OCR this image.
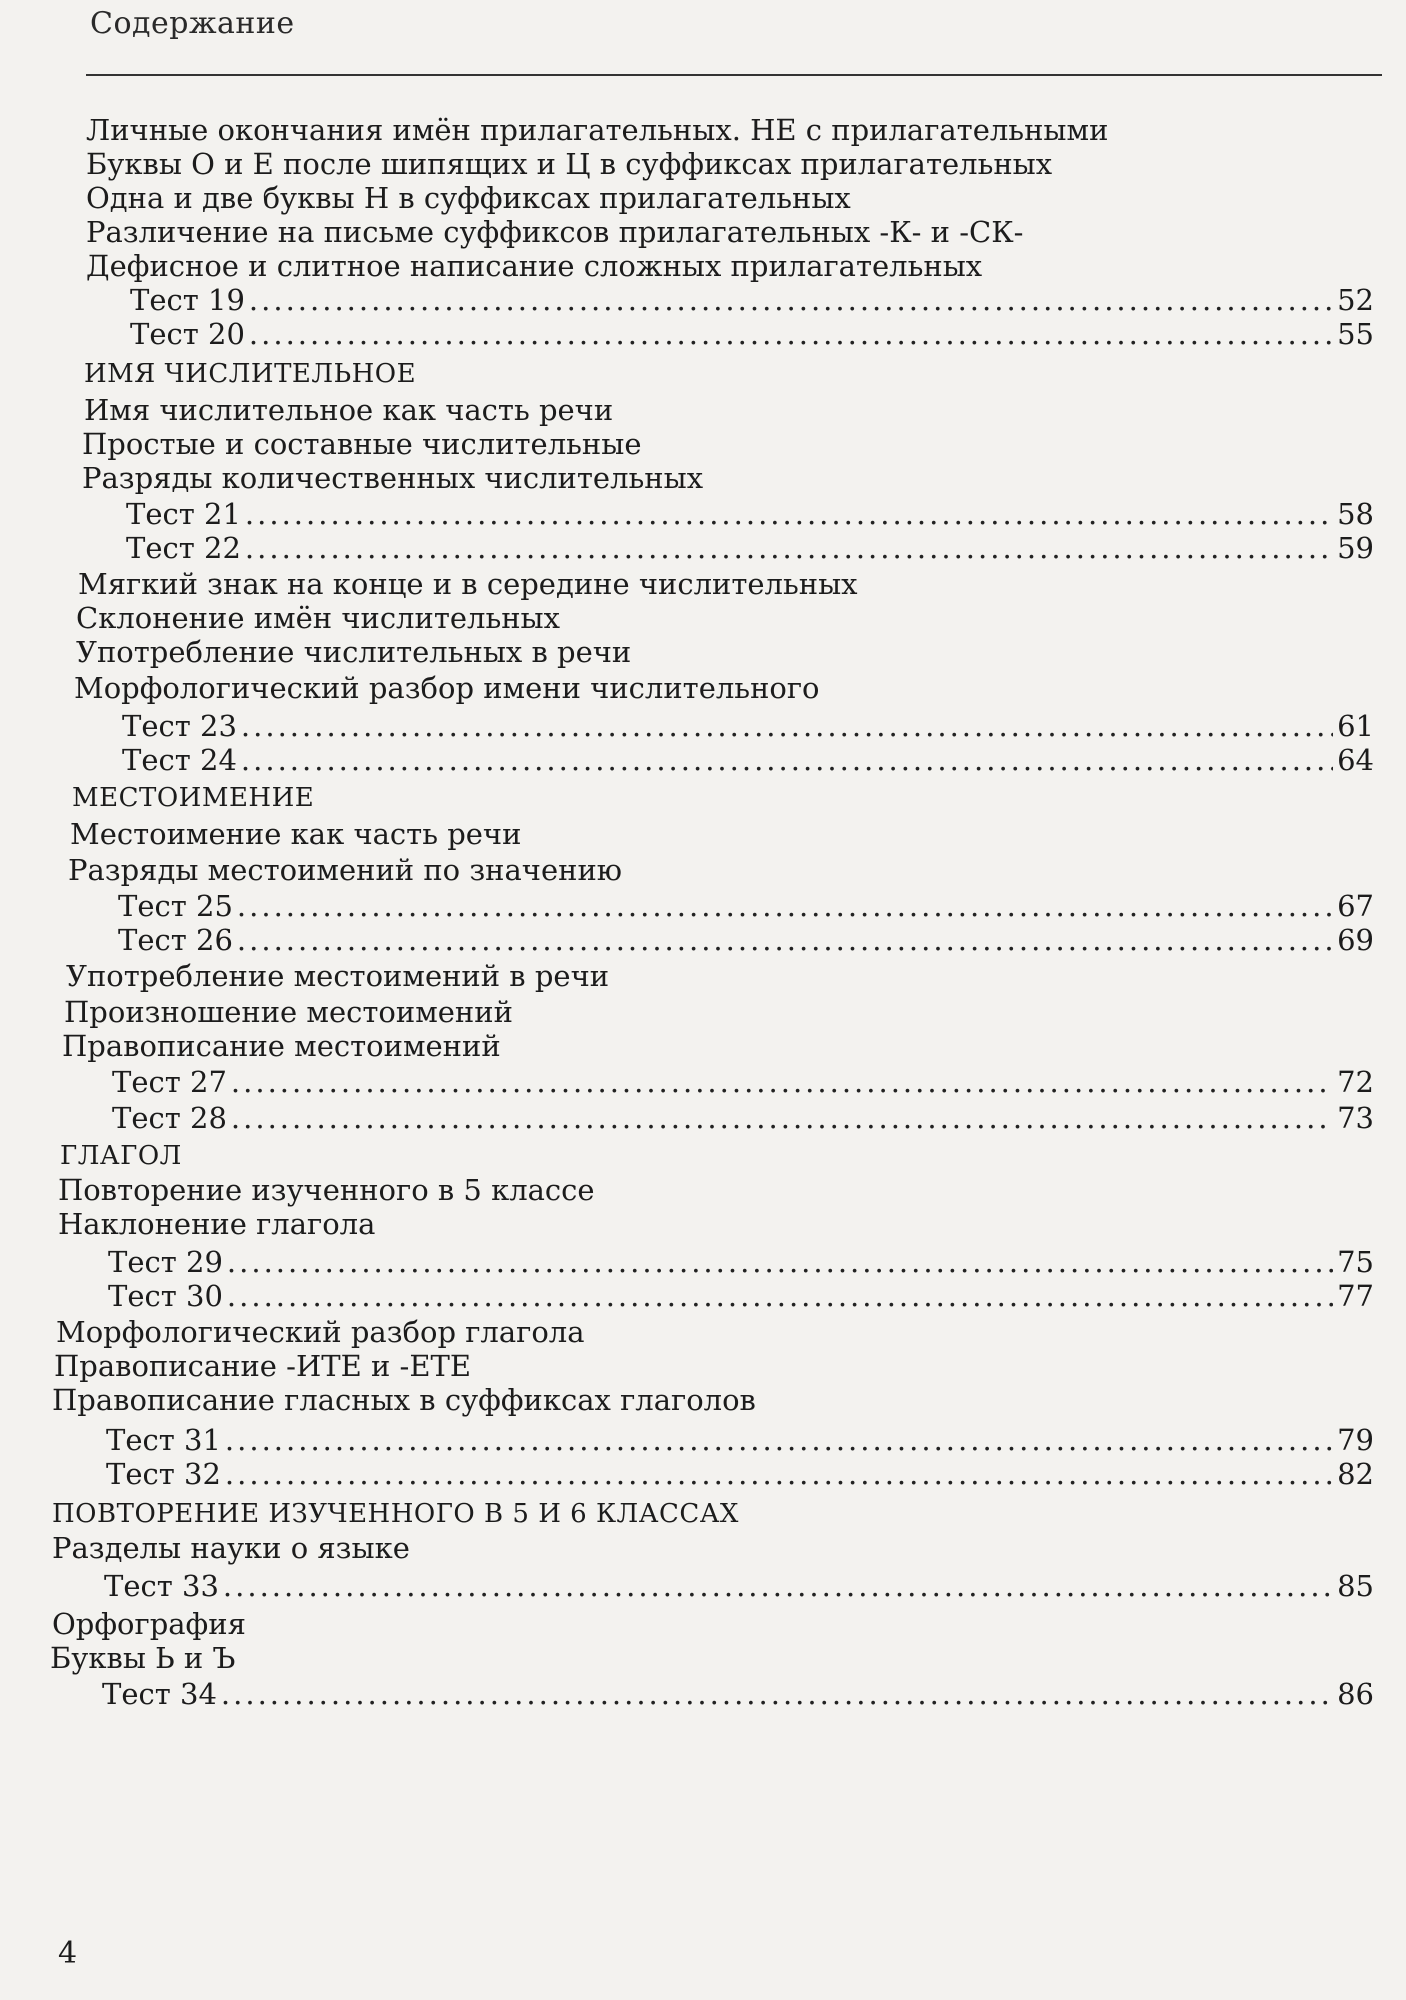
Содержание
Личные окончания имён прилагательных. НЕ с прилагательными
Буквы О и Е после шипящих и Ц в суффиксах прилагательных
Одна и две буквы Н в суффиксах прилагательных
Различение на письме суффиксов прилагательных -К- и -СК-
Дефисное и слитное написание сложных прилагательных
Тест 19 .....	52
Тест 20 .....	55
ИМЯ ЧИСЛИТЕЛЬНОЕ
Имя числительное как часть речи
Простые и составные числительные
Разряды количественных числительных
Тест 21 .....	58
Тест 22 .....	59
Мягкий знак на конце и в середине числительных
Склонение имён числительных
Употребление числительных в речи
Морфологический разбор имени числительного
Тест 23 .....	61
Тест 24 .....	64
МЕСТОИМЕНИЕ
Местоимение как часть речи
Разряды местоимений по значению
Тест 25 .....	67
Тест 26 .....	69
Употребление местоимений в речи
Произношение местоимений
Правописание местоимений
Тест 27 .....	72
Тест 28 .....	73
ГЛАГОЛ
Повторение изученного в 5 классе
Наклонение глагола
Тест 29 .....	75
Тест 30 .....	77
Морфологический разбор глагола
Правописание -ИТЕ и -ЕТЕ
Правописание гласных в суффиксах глаголов
Тест 31 .....	79
Тест 32 .....	82
ПОВТОРЕНИЕ ИЗУЧЕННОГО В 5 И 6 КЛАССАХ
Разделы науки о языке
Тест 33 .....	85
Орфография
Буквы Ь и Ъ
Тест 34 .....	86
4
